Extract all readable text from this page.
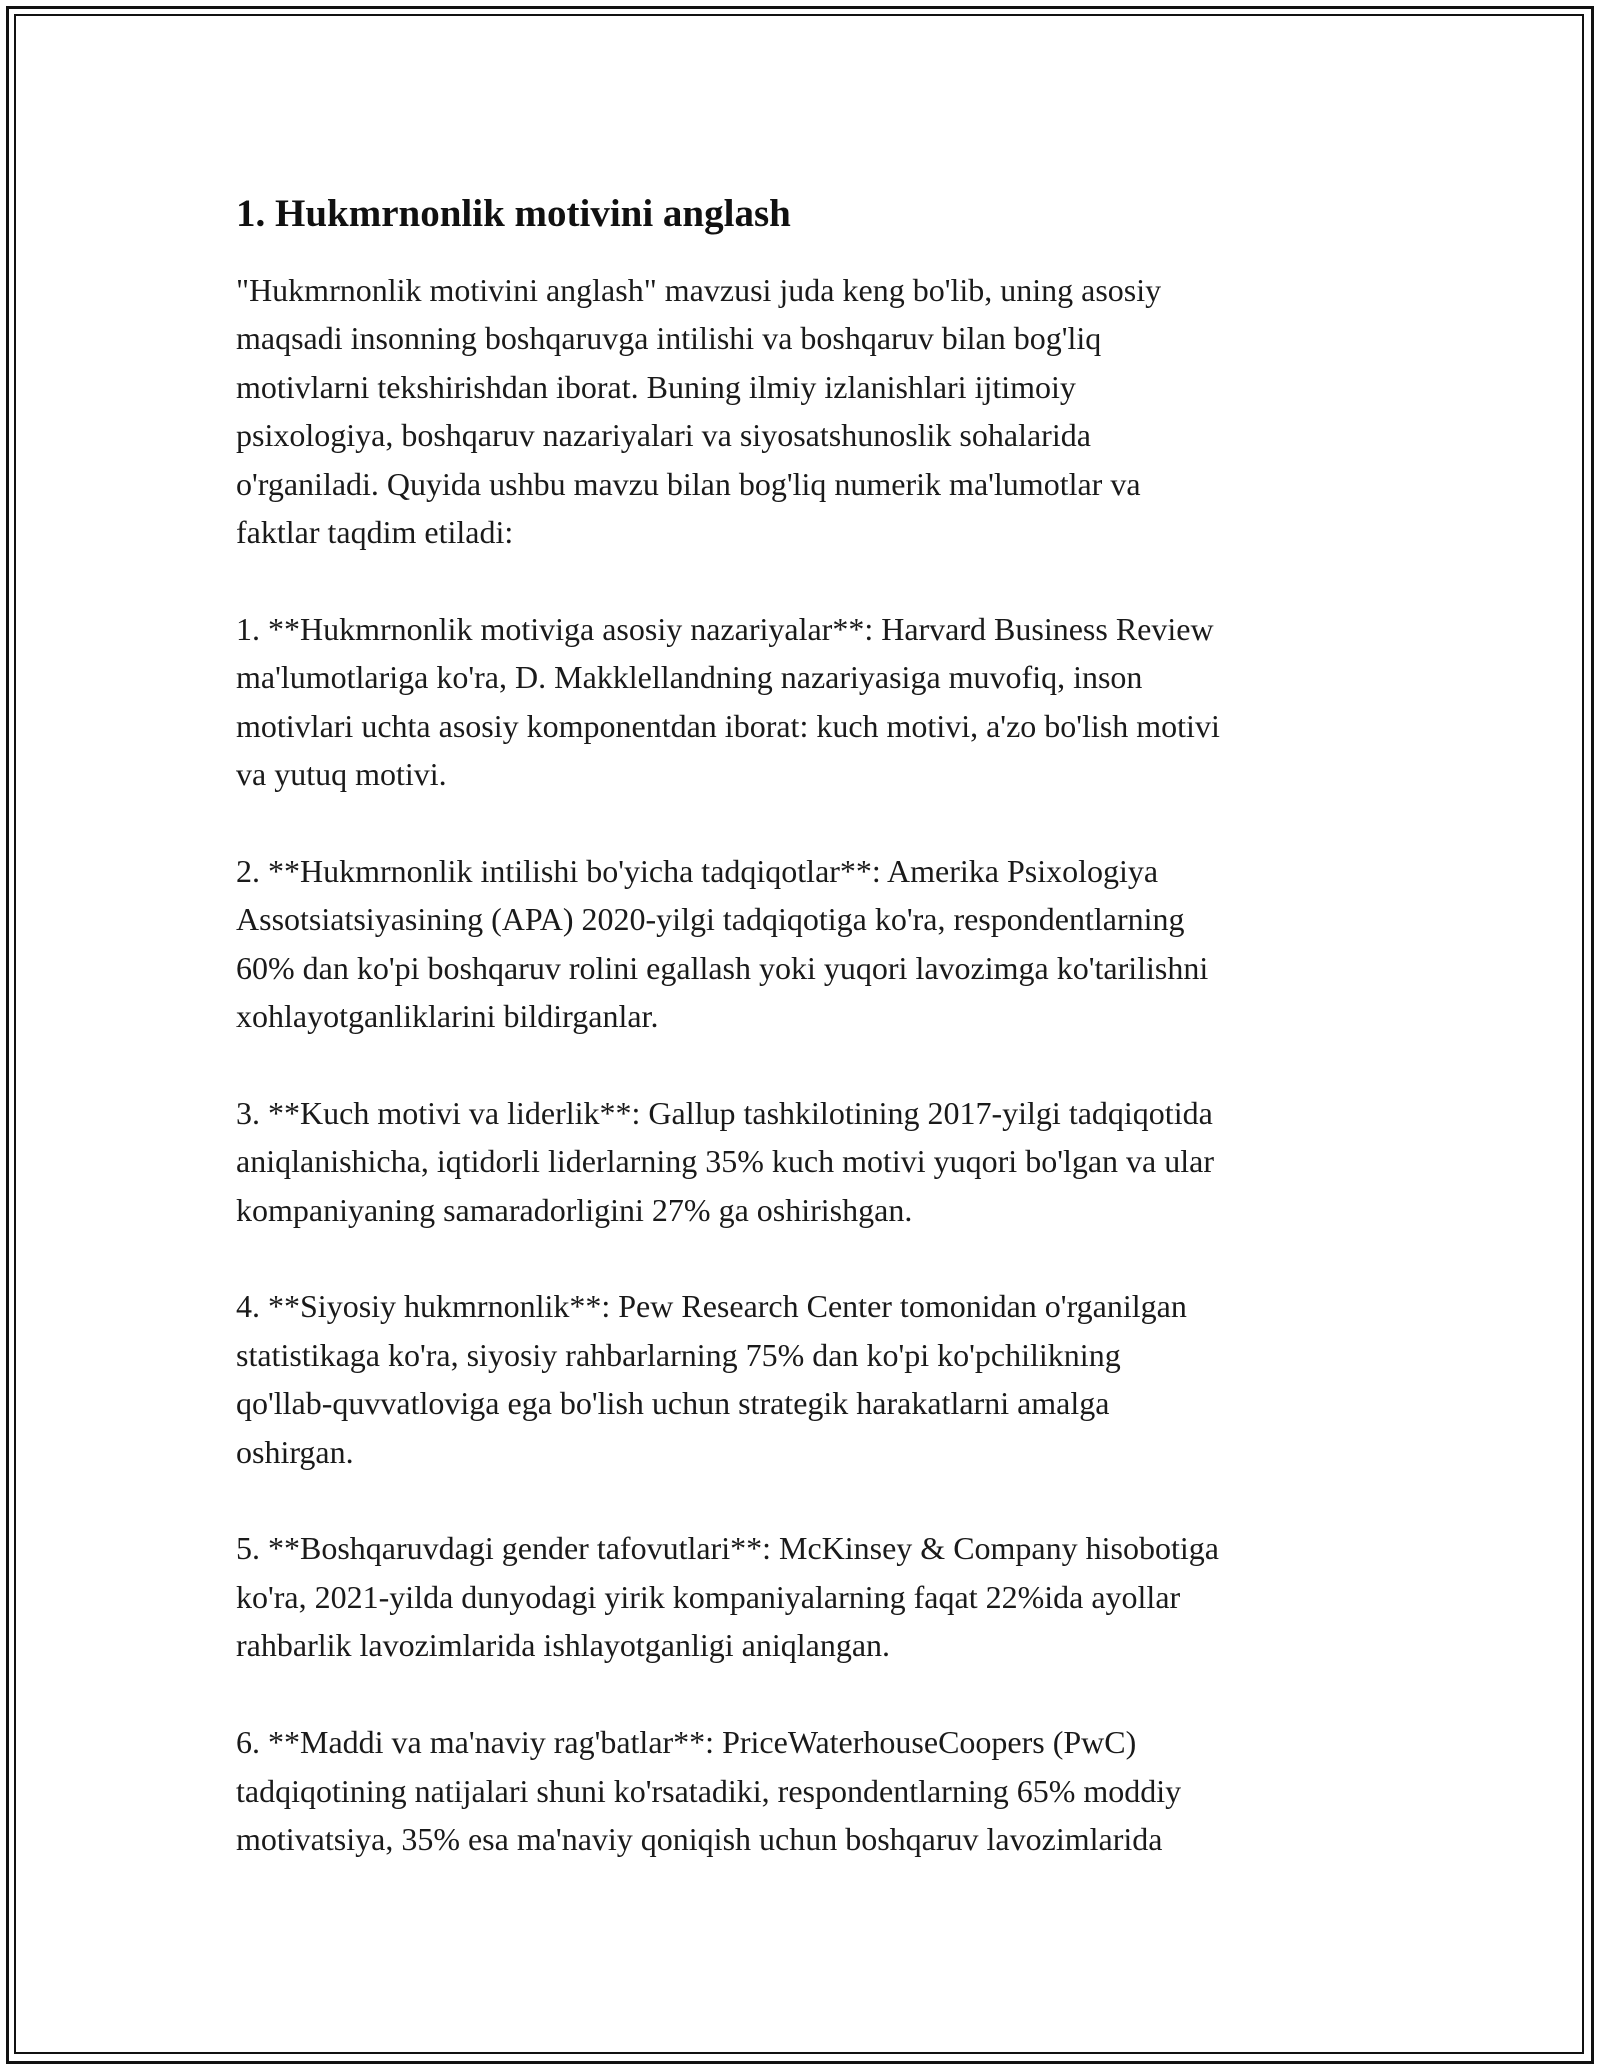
1. Hukmrnonlik motivini anglash

"Hukmrnonlik motivini anglash" mavzusi juda keng bo'lib, uning asosiy
maqsadi insonning boshqaruvga intilishi va boshqaruv bilan bog'liq
motivlarni tekshirishdan iborat. Buning ilmiy izlanishlari ijtimoiy
psixologiya, boshqaruv nazariyalari va siyosatshunoslik sohalarida
o'rganiladi. Quyida ushbu mavzu bilan bog'liq numerik ma'lumotlar va
faktlar taqdim etiladi:

1. **Hukmrnonlik motiviga asosiy nazariyalar**: Harvard Business Review
ma'lumotlariga ko'ra, D. Makklellandning nazariyasiga muvofiq, inson
motivlari uchta asosiy komponentdan iborat: kuch motivi, a'zo bo'lish motivi
va yutuq motivi.

2. **Hukmrnonlik intilishi bo'yicha tadqiqotlar**: Amerika Psixologiya
Assotsiatsiyasining (APA) 2020-yilgi tadqiqotiga ko'ra, respondentlarning
60% dan ko'pi boshqaruv rolini egallash yoki yuqori lavozimga ko'tarilishni
xohlayotganliklarini bildirganlar.

3. **Kuch motivi va liderlik**: Gallup tashkilotining 2017-yilgi tadqiqotida
aniqlanishicha, iqtidorli liderlarning 35% kuch motivi yuqori bo'lgan va ular
kompaniyaning samaradorligini 27% ga oshirishgan.

4. **Siyosiy hukmrnonlik**: Pew Research Center tomonidan o'rganilgan
statistikaga ko'ra, siyosiy rahbarlarning 75% dan ko'pi ko'pchilikning
qo'llab-quvvatloviga ega bo'lish uchun strategik harakatlarni amalga
oshirgan.

5. **Boshqaruvdagi gender tafovutlari**: McKinsey & Company hisobotiga
ko'ra, 2021-yilda dunyodagi yirik kompaniyalarning faqat 22%ida ayollar
rahbarlik lavozimlarida ishlayotganligi aniqlangan.

6. **Maddi va ma'naviy rag'batlar**: PriceWaterhouseCoopers (PwC)
tadqiqotining natijalari shuni ko'rsatadiki, respondentlarning 65% moddiy
motivatsiya, 35% esa ma'naviy qoniqish uchun boshqaruv lavozimlarida
